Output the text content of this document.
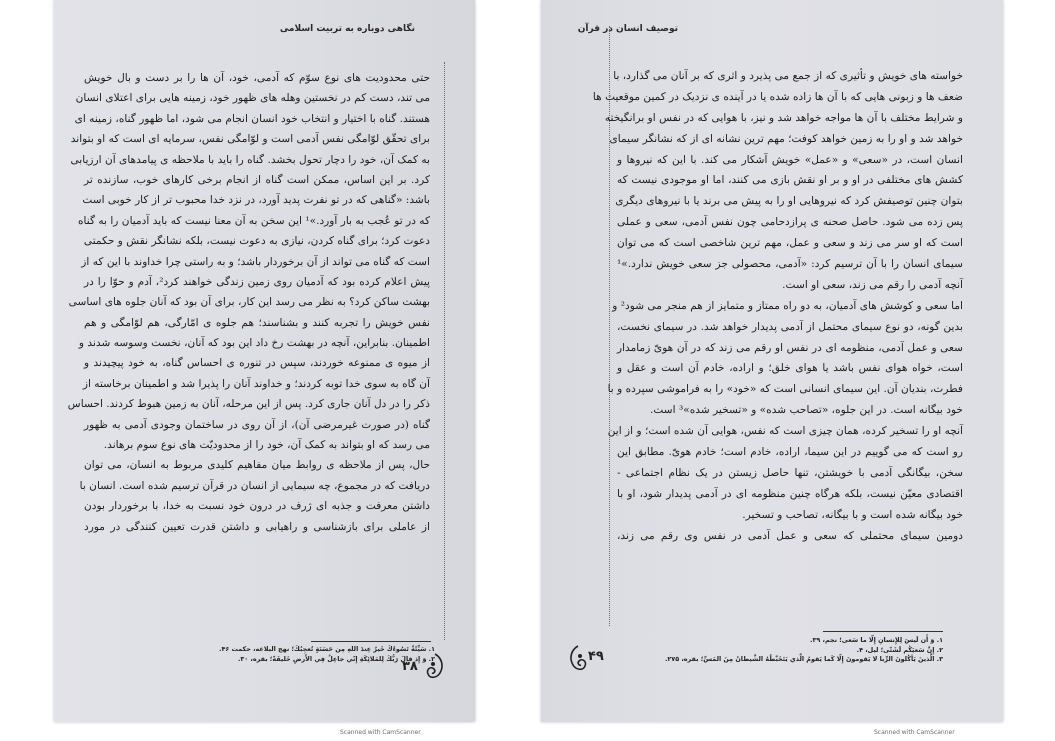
نگاهی دوباره به تربیت اسلامی
حتی محدودیت های نوع سوّم که آدمی، خود، آن ها را بر دست و بال خویش
می تند، دست کم در نخستین وهله های ظهور خود، زمینه هایی برای اعتلای انسان
هستند. گناه با اختیار و انتخاب خود انسان انجام می شود، اما ظهور گناه، زمینه ای
برای تحقّق لوّامگی نفس آدمی است و لوّامگی نفس، سرمایه ای است که او بتواند
به کمک آن، خود را دچار تحول بخشد. گناه را باید با ملاحظه ی پیامدهای آن ارزیابی
کرد. بر این اساس، ممکن است گناه از انجام برخی کارهای خوب، سازنده تر
باشد: «گناهی که در تو نفرت پدید آورد، در نزد خدا محبوب تر از کار خوبی است
که در تو عُجب به بار آورد.»¹ این سخن به آن معنا نیست که باید آدمیان را به گناه
دعوت کرد؛ برای گناه کردن، نیازی به دعوت نیست، بلکه نشانگر نقش و حکمتی
است که گناه می تواند از آن برخوردار باشد؛ و به راستی چرا خداوند با این که از
پیش اعلام کرده بود که آدمیان روی زمین زندگی خواهند کرد²، آدم و حوّا را در
بهشت ساکن کرد؟ به نظر می رسد این کار، برای آن بود که آنان جلوه های اساسی
نفس خویش را تجربه کنند و بشناسند؛ هم جلوه ی امّارگی، هم لوّامگی و هم
اطمینان. بنابراین، آنچه در بهشت رخ داد این بود که آنان، نخست وسوسه شدند و
از میوه ی ممنوعه خوردند، سپس در تنوره ی احساس گناه، به خود پیچیدند و
آن گاه به سوی خدا توبه کردند؛ و خداوند آنان را پذیرا شد و اطمینان برخاسته از
ذکر را در دل آنان جاری کرد. پس از این مرحله، آنان به زمین هبوط کردند. احساس
گناه (در صورت غیرمرضی آن)، از آن روی در ساختمان وجودی آدمی به ظهور
می رسد که او بتواند به کمک آن، خود را از محدودیّت های نوع سوم برهاند.
حال، پس از ملاحظه ی روابط میان مفاهیم کلیدی مربوط به انسان، می توان
دریافت که در مجموع، چه سیمایی از انسان در قرآن ترسیم شده است. انسان با
داشتن معرفت و جذبه ای ژرف در درون خود نسبت به خدا، با برخوردار بودن
از عاملی برای بازشناسی و راهیابی و داشتن قدرت تعیین کنندگی در مورد
۱. سَيِّئَةٌ تَسُوءُكَ خَيرٌ عِندَ اللهِ مِن حَسَنَةٍ تُعجِبُكَ؛ نهج البلاغه، حکمت ۴۶.
۲. وَ إِذ قالَ رَبُّكَ لِلمَلائِكَةِ إِنّي جاعِلٌ فِي الأَرضِ خَليفَةً؛ بقره، ۳۰.
۳۸
توصیف انسان در قرآن
خواسته های خویش و تأثیری که از جمع می پذیرد و اثری که بر آنان می گذارد، با
ضعف ها و زبونی هایی که با آن ها زاده شده یا در آینده ی نزدیک در کمین موقعیت ها
و شرایط مختلف با آن ها مواجه خواهد شد و نیز، با هوایی که در نفس او برانگیخته
خواهد شد و او را به زمین خواهد کوفت؛ مهم ترین نشانه ای از که نشانگر سیمای
انسان است، در «سعی» و «عمل» خویش آشکار می کند. با این که نیروها و
کشش های مختلفی در او و بر او نقش بازی می کنند، اما او موجودی نیست که
بتوان چنین توصیفش کرد که نیروهایی او را به پیش می برند یا با نیروهای دیگری
پس زده می شود. حاصل صحنه ی پرازدحامی چون نفس آدمی، سعی و عملی
است که او سر می زند و سعی و عمل، مهم ترین شاخصی است که می توان
سیمای انسان را با آن ترسیم کرد: «آدمی، محصولی جز سعی خویش ندارد.»¹
آنچه آدمی را رقم می زند، سعی او است.
اما سعی و کوشش های آدمیان، به دو راه ممتاز و متمایز از هم منجر می شود² و
بدین گونه، دو نوع سیمای محتمل از آدمی پدیدار خواهد شد. در سیمای نخست،
سعی و عمل آدمی، منظومه ای در نفس او رقم می زند که در آن هویّ زمامدار
است، خواه هوای نفس باشد یا هوای خلق؛ و اراده، خادم آن است و عقل و
فطرت، بندیان آن. این سیمای انسانی است که «خود» را به فراموشی سپرده و با
خود بیگانه است. در این جلوه، «تصاحب شده» و «تسخیر شده»³ است.
آنچه او را تسخیر کرده، همان چیزی است که نفس، هوایی آن شده است؛ و از این
رو است که می گوییم در این سیما، اراده، خادم است؛ خادم هویّ. مطابق این
سخن، بیگانگی آدمی با خویشتن، تنها حاصل زیستن در یک نظام اجتماعی -
اقتصادی معیّن نیست، بلکه هرگاه چنین منظومه ای در آدمی پدیدار شود، او با
خود بیگانه شده است و با بیگانه، تصاحب و تسخیر.
دومین سیمای محتملی که سعی و عمل آدمی در نفس وی رقم می زند،
۱. وَ أَن لَيسَ لِلإِنسانِ إِلّا ما سَعى؛ نجم، ۳۹.
۲. إِنَّ سَعيَكُم لَشَتّى؛ لیل، ۴.
۳. الَّذينَ يَأكُلونَ الرِّبا لا يَقومونَ إِلّا كَما يَقومُ الَّذي يَتَخَبَّطُهُ الشَّيطانُ مِنَ المَسِّ؛ بقره، ۲۷۵.
۴۹
Scanned with CamScanner	Scanned with CamScanner
